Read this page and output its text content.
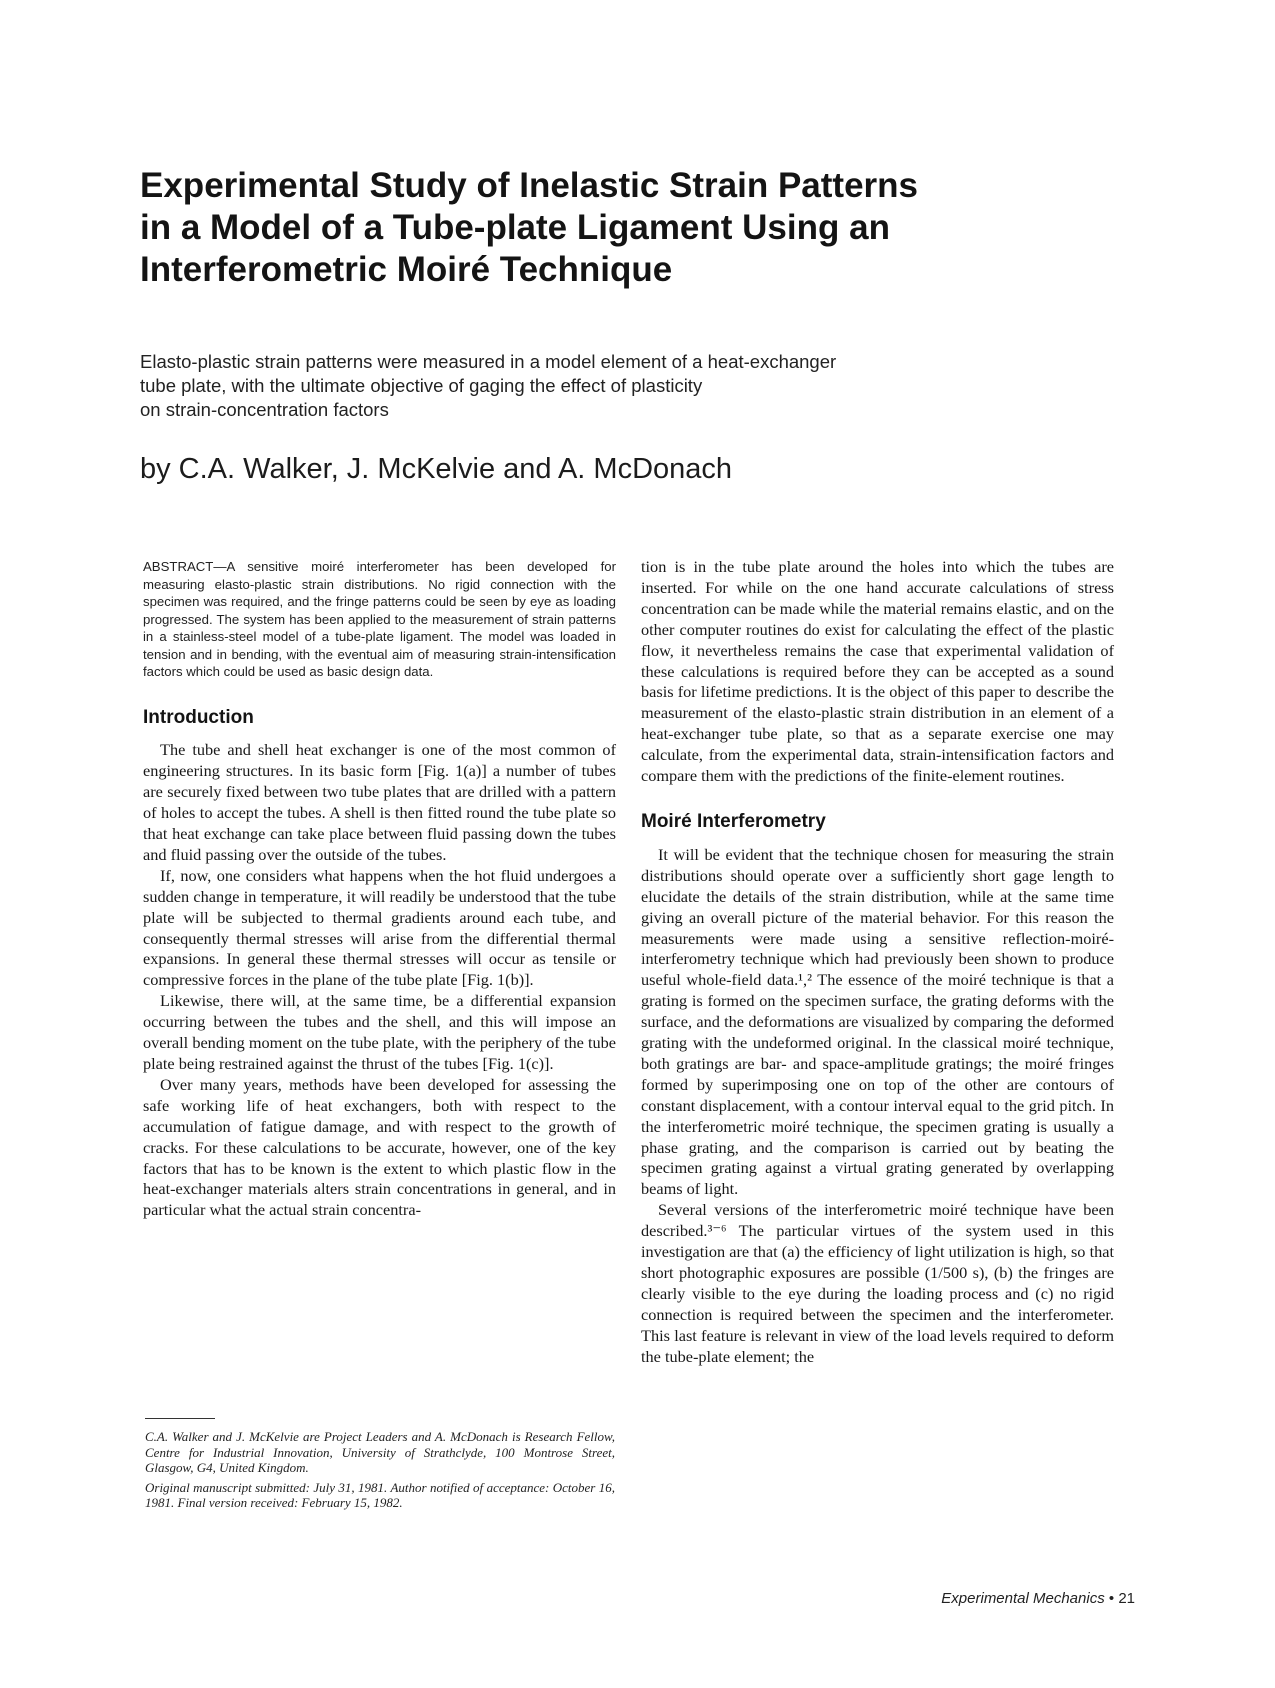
Experimental Study of Inelastic Strain Patterns
in a Model of a Tube-plate Ligament Using an
Interferometric Moiré Technique
Elasto-plastic strain patterns were measured in a model element of a heat-exchanger
tube plate, with the ultimate objective of gaging the effect of plasticity
on strain-concentration factors

by C.A. Walker, J. McKelvie and A. McDonach

ABSTRACT—A sensitive moiré interferometer has been developed for measuring elasto-plastic strain distributions. No rigid connection with the specimen was required, and the fringe patterns could be seen by eye as loading progressed. The system has been applied to the measurement of strain patterns in a stainless-steel model of a tube-plate ligament. The model was loaded in tension and in bending, with the eventual aim of measuring strain-intensification factors which could be used as basic design data.

Introduction

The tube and shell heat exchanger is one of the most common of engineering structures. In its basic form [Fig. 1(a)] a number of tubes are securely fixed between two tube plates that are drilled with a pattern of holes to accept the tubes. A shell is then fitted round the tube plate so that heat exchange can take place between fluid passing down the tubes and fluid passing over the outside of the tubes.

If, now, one considers what happens when the hot fluid undergoes a sudden change in temperature, it will readily be understood that the tube plate will be subjected to thermal gradients around each tube, and consequently thermal stresses will arise from the differential thermal expansions. In general these thermal stresses will occur as tensile or compressive forces in the plane of the tube plate [Fig. 1(b)].

Likewise, there will, at the same time, be a differential expansion occurring between the tubes and the shell, and this will impose an overall bending moment on the tube plate, with the periphery of the tube plate being restrained against the thrust of the tubes [Fig. 1(c)].

Over many years, methods have been developed for assessing the safe working life of heat exchangers, both with respect to the accumulation of fatigue damage, and with respect to the growth of cracks. For these calculations to be accurate, however, one of the key factors that has to be known is the extent to which plastic flow in the heat-exchanger materials alters strain concentrations in general, and in particular what the actual strain concentra-

tion is in the tube plate around the holes into which the tubes are inserted. For while on the one hand accurate calculations of stress concentration can be made while the material remains elastic, and on the other computer routines do exist for calculating the effect of the plastic flow, it nevertheless remains the case that experimental validation of these calculations is required before they can be accepted as a sound basis for lifetime predictions. It is the object of this paper to describe the measurement of the elasto-plastic strain distribution in an element of a heat-exchanger tube plate, so that as a separate exercise one may calculate, from the experimental data, strain-intensification factors and compare them with the predictions of the finite-element routines.

Moiré Interferometry

It will be evident that the technique chosen for measuring the strain distributions should operate over a sufficiently short gage length to elucidate the details of the strain distribution, while at the same time giving an overall picture of the material behavior. For this reason the measurements were made using a sensitive reflection-moiré-interferometry technique which had previously been shown to produce useful whole-field data.¹,² The essence of the moiré technique is that a grating is formed on the specimen surface, the grating deforms with the surface, and the deformations are visualized by comparing the deformed grating with the undeformed original. In the classical moiré technique, both gratings are bar- and space-amplitude gratings; the moiré fringes formed by superimposing one on top of the other are contours of constant displacement, with a contour interval equal to the grid pitch. In the interferometric moiré technique, the specimen grating is usually a phase grating, and the comparison is carried out by beating the specimen grating against a virtual grating generated by overlapping beams of light.

Several versions of the interferometric moiré technique have been described.³⁻⁶ The particular virtues of the system used in this investigation are that (a) the efficiency of light utilization is high, so that short photographic exposures are possible (1/500 s), (b) the fringes are clearly visible to the eye during the loading process and (c) no rigid connection is required between the specimen and the interferometer. This last feature is relevant in view of the load levels required to deform the tube-plate element; the

C.A. Walker and J. McKelvie are Project Leaders and A. McDonach is Research Fellow, Centre for Industrial Innovation, University of Strathclyde, 100 Montrose Street, Glasgow, G4, United Kingdom.

Original manuscript submitted: July 31, 1981. Author notified of acceptance: October 16, 1981. Final version received: February 15, 1982.

Experimental Mechanics • 21
